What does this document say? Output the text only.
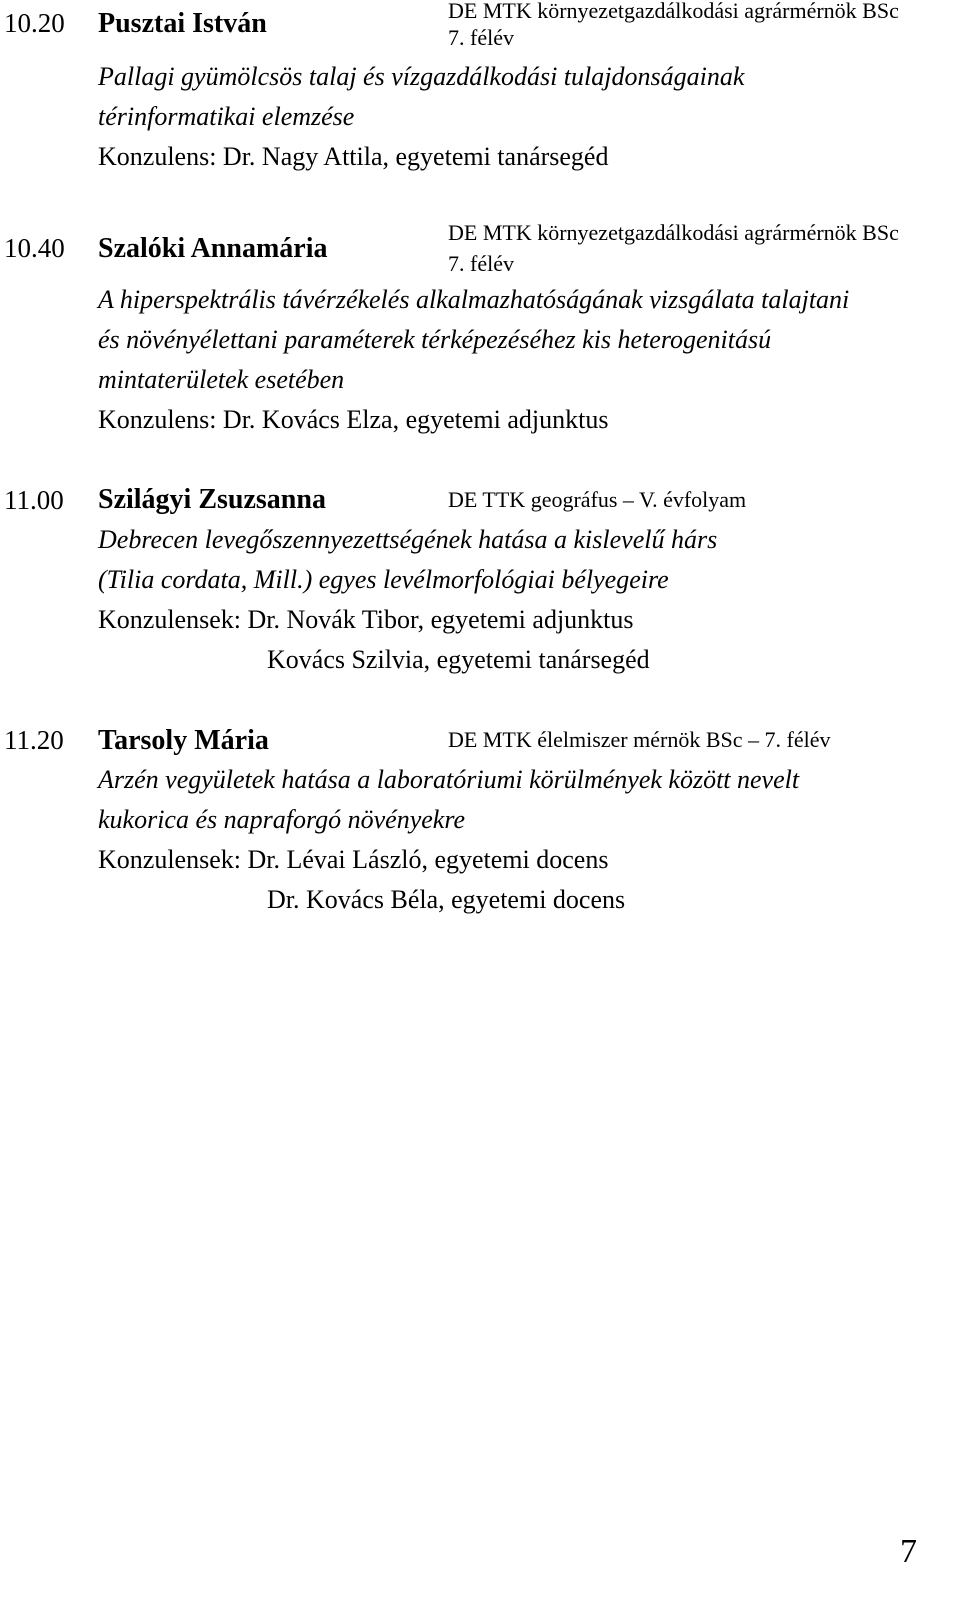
10.20 Pusztai István	DE MTK környezetgazdálkodási agrármérnök BSc
7. félév
Pallagi gyümölcsös talaj és vízgazdálkodási tulajdonságainak
térinformatikai elemzése
Konzulens: Dr. Nagy Attila, egyetemi tanársegéd
10.40 Szalóki Annamária
DE MTK környezetgazdálkodási agrármérnök BSc
7. félév
A hiperspektrális távérzékelés alkalmazhatóságának vizsgálata talajtani
és növényélettani paraméterek térképezéséhez kis heterogenitású
mintaterületek esetében
Konzulens: Dr. Kovács Elza, egyetemi adjunktus
11.00 Szilágyi Zsuzsanna	DE TTK geográfus – V. évfolyam
Debrecen levegőszennyezettségének hatása a kislevelű hárs
(Tilia cordata, Mill.) egyes levélmorfológiai bélyegeire
Konzulensek: Dr. Novák Tibor, egyetemi adjunktus
Kovács Szilvia, egyetemi tanársegéd
11.20 Tarsoly Mária	DE MTK élelmiszer mérnök BSc – 7. félév
Arzén vegyületek hatása a laboratóriumi körülmények között nevelt
kukorica és napraforgó növényekre
Konzulensek: Dr. Lévai László, egyetemi docens
Dr. Kovács Béla, egyetemi docens
7
